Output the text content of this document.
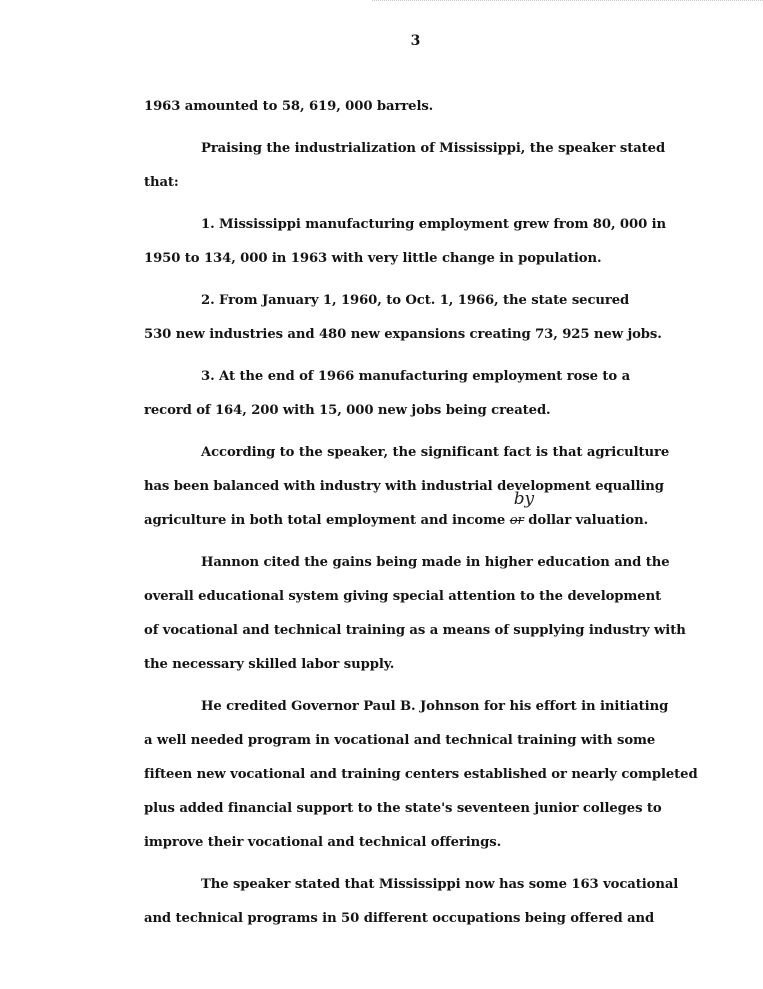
3
1963 amounted to 58, 619, 000 barrels.
Praising the industrialization of Mississippi, the speaker stated
that:
1. Mississippi manufacturing employment grew from 80, 000 in
1950 to 134, 000 in 1963 with very little change in population.
2. From January 1, 1960, to Oct. 1, 1966, the state secured
530 new industries and 480 new expansions creating 73, 925 new jobs.
3. At the end of 1966 manufacturing employment rose to a
record of 164, 200 with 15, 000 new jobs being created.
According to the speaker, the significant fact is that agriculture
has been balanced with industry with industrial development equalling
agriculture in both total employment and income
by
or dollar valuation.
Hannon cited the gains being made in higher education and the
overall educational system giving special attention to the development
of vocational and technical training as a means of supplying industry with
the necessary skilled labor supply.
He credited Governor Paul B. Johnson for his effort in initiating
a well needed program in vocational and technical training with some
fifteen new vocational and training centers established or nearly completed
plus added financial support to the state's seventeen junior colleges to
improve their vocational and technical offerings.
The speaker stated that Mississippi now has some 163 vocational
and technical programs in 50 different occupations being offered and
